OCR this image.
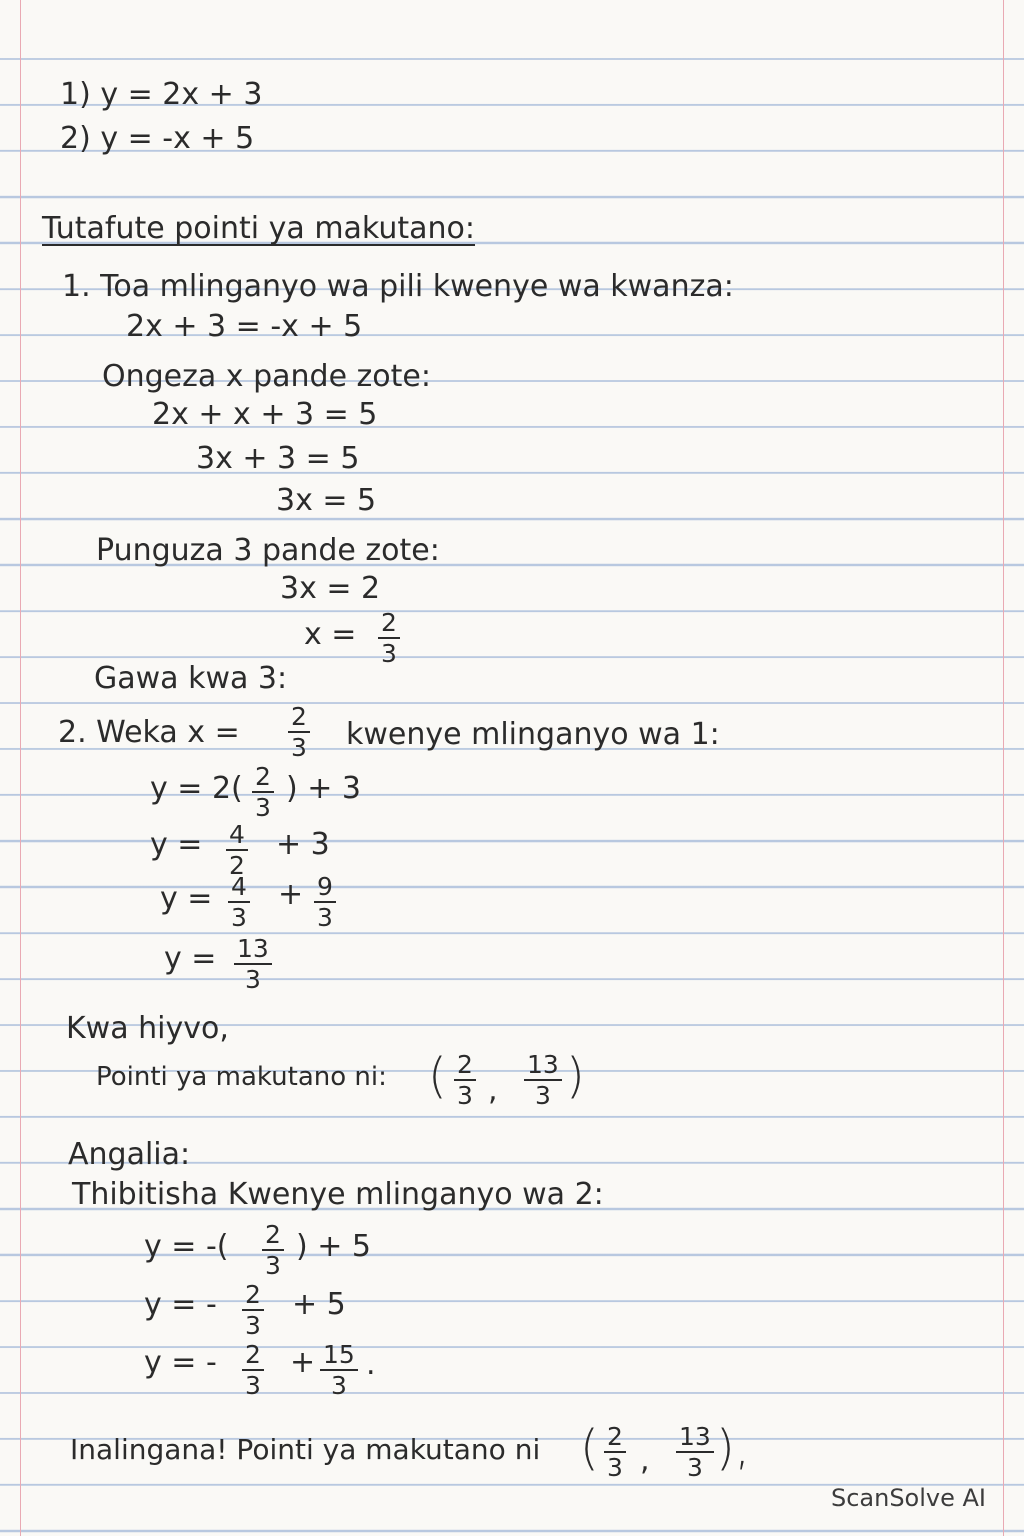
1) y = 2x + 3
2) y = -x + 5
Tutafute pointi ya makutano:
1. Toa mlinganyo wa pili kwenye wa kwanza:
2x + 3 = -x + 5
Ongeza x pande zote:
2x + x + 3 = 5
3x + 3 = 5
3x = 5
Punguza 3 pande zote:
3x = 2
$x = \frac{2}{3}$
Gawa kwa 3:
2. Weka $x = \frac{2}{3}$ kwenye mlinganyo wa 1:
$y = 2( \frac{2}{3}$ ) + 3
$y = \frac{4}{2} + 3$
$y = \frac{4}{3} + \frac{9}{3}$
$y = \frac{13}{3}$
Kwa hiyvo,
Pointi ya makutano ni: ( $\frac{2}{3}$ , $\frac{13}{3}$ )
Angalia:
Thibitisha Kwenye mlinganyo wa 2:
y = -( $\frac{2}{3}$ ) + 5
y = - $\frac{2}{3} + 5$
y = - $\frac{2}{3} + \frac{15}{3}$ .
Inalingana! Pointi ya makutano ni ( $\frac{2}{3}$ , $\frac{13}{3}$ ),
ScanSolve AI
